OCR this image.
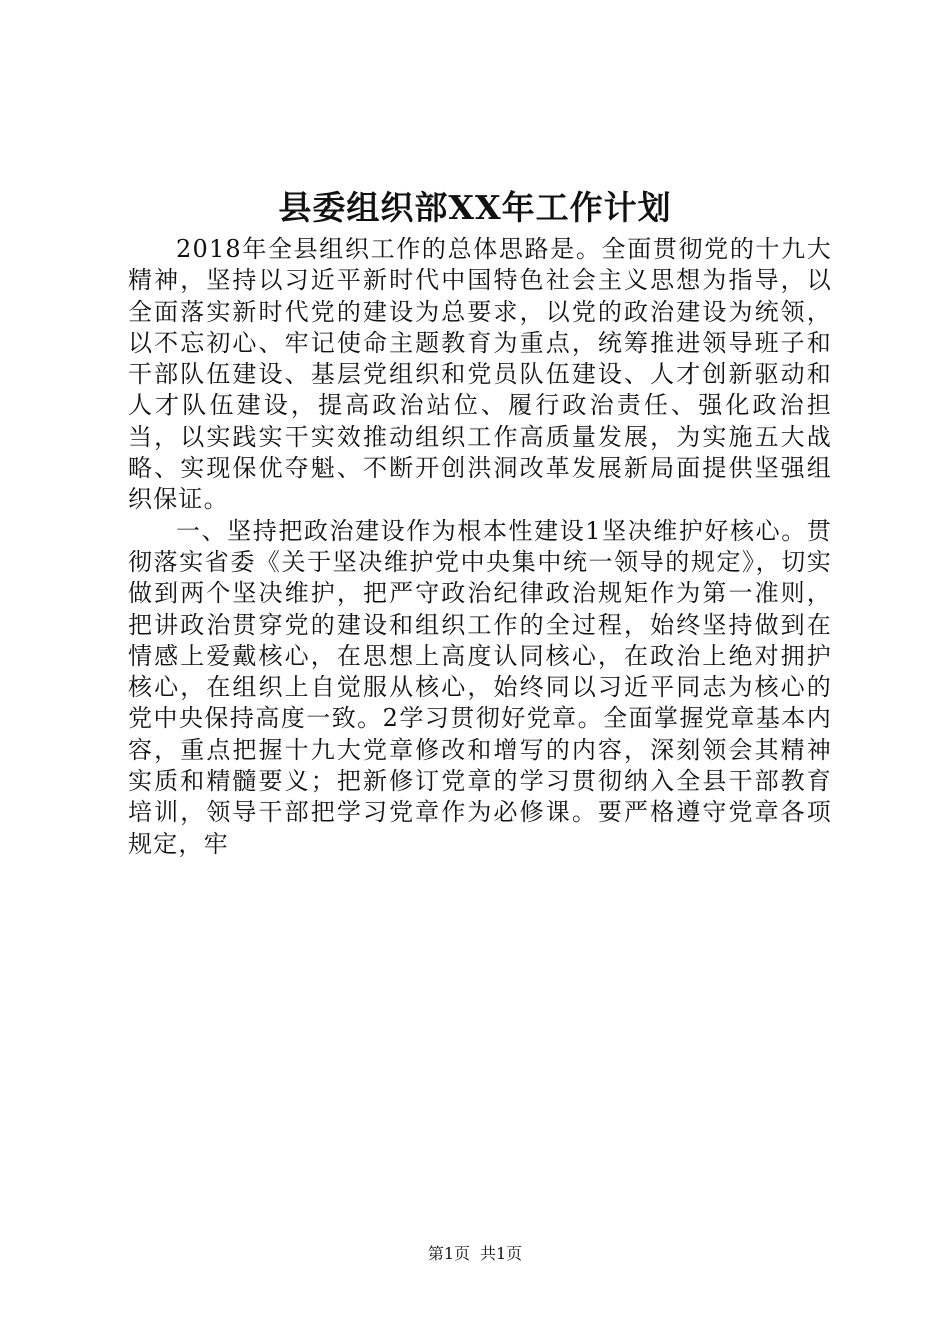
县委组织部XX年工作计划

2018年全县组织工作的总体思路是。全面贯彻党的十九大精神，坚持以习近平新时代中国特色社会主义思想为指导，以全面落实新时代党的建设为总要求，以党的政治建设为统领，以不忘初心、牢记使命主题教育为重点，统筹推进领导班子和干部队伍建设、基层党组织和党员队伍建设、人才创新驱动和人才队伍建设，提高政治站位、履行政治责任、强化政治担当，以实践实干实效推动组织工作高质量发展，为实施五大战略、实现保优夺魁、不断开创洪洞改革发展新局面提供坚强组织保证。

一、坚持把政治建设作为根本性建设1坚决维护好核心。贯彻落实省委《关于坚决维护党中央集中统一领导的规定》，切实做到两个坚决维护，把严守政治纪律政治规矩作为第一准则，把讲政治贯穿党的建设和组织工作的全过程，始终坚持做到在情感上爱戴核心，在思想上高度认同核心，在政治上绝对拥护核心，在组织上自觉服从核心，始终同以习近平同志为核心的党中央保持高度一致。2学习贯彻好党章。全面掌握党章基本内容，重点把握十九大党章修改和增写的内容，深刻领会其精神实质和精髓要义；把新修订党章的学习贯彻纳入全县干部教育培训，领导干部把学习党章作为必修课。要严格遵守党章各项规定，牢

第1页 共1页
